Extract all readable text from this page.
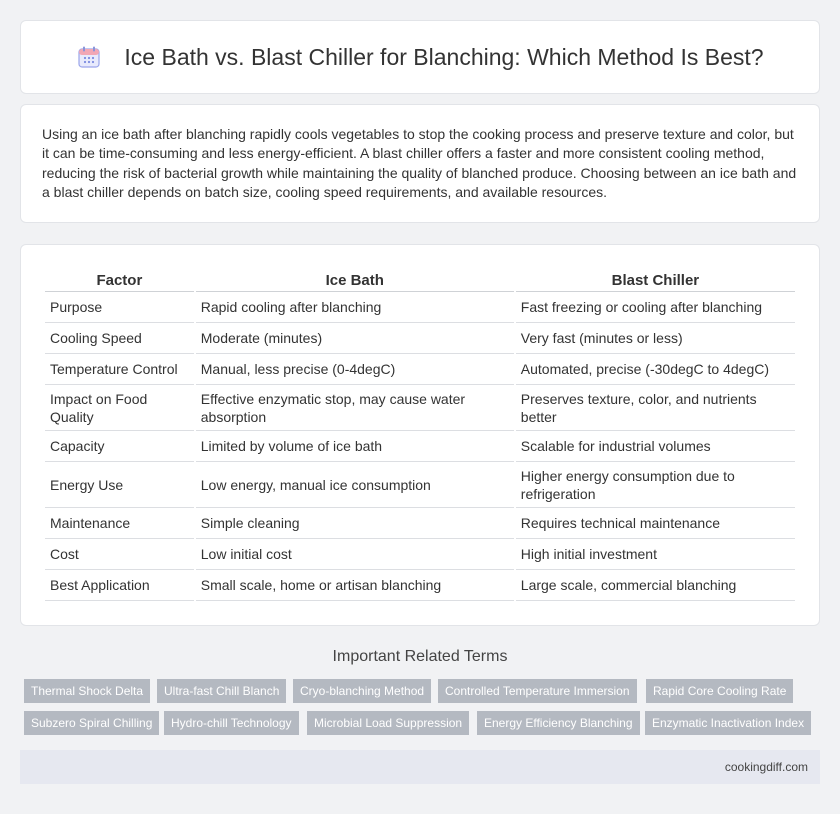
Ice Bath vs. Blast Chiller for Blanching: Which Method Is Best?

Using an ice bath after blanching rapidly cools vegetables to stop the cooking process and preserve texture and color, but it can be time-consuming and less energy-efficient. A blast chiller offers a faster and more consistent cooling method, reducing the risk of bacterial growth while maintaining the quality of blanched produce. Choosing between an ice bath and a blast chiller depends on batch size, cooling speed requirements, and available resources.

Factor	Ice Bath	Blast Chiller
Purpose	Rapid cooling after blanching	Fast freezing or cooling after blanching
Cooling Speed	Moderate (minutes)	Very fast (minutes or less)
Temperature Control	Manual, less precise (0-4degC)	Automated, precise (-30degC to 4degC)
Impact on Food Quality	Effective enzymatic stop, may cause water absorption	Preserves texture, color, and nutrients better
Capacity	Limited by volume of ice bath	Scalable for industrial volumes
Energy Use	Low energy, manual ice consumption	Higher energy consumption due to refrigeration
Maintenance	Simple cleaning	Requires technical maintenance
Cost	Low initial cost	High initial investment
Best Application	Small scale, home or artisan blanching	Large scale, commercial blanching
Important Related Terms
Thermal Shock Delta	Ultra-fast Chill Blanch	Cryo-blanching Method	Controlled Temperature Immersion	Rapid Core Cooling Rate
Subzero Spiral Chilling	Hydro-chill Technology	Microbial Load Suppression	Energy Efficiency Blanching	Enzymatic Inactivation Index
cookingdiff.com
